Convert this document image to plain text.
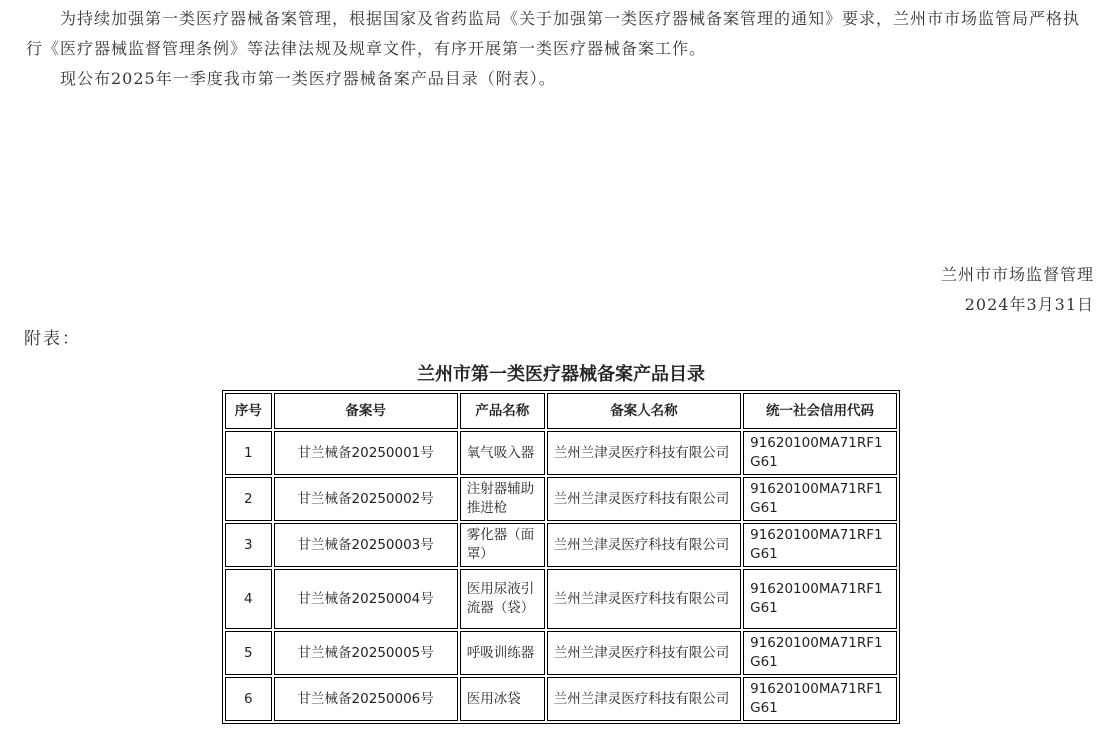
为持续加强第一类医疗器械备案管理，根据国家及省药监局《关于加强第一类医疗器械备案管理的通知》要求，兰州市市场监管局严格执行《医疗器械监督管理条例》等法律法规及规章文件，有序开展第一类医疗器械备案工作。

现公布2025年一季度我市第一类医疗器械备案产品目录（附表）。

兰州市市场监督管理
2024年3月31日
附表：
兰州市第一类医疗器械备案产品目录
序号	备案号	产品名称	备案人名称	统一社会信用代码
1	甘兰械备20250001号	氧气吸入器	兰州兰津灵医疗科技有限公司	91620100MA71RF1G61
2	甘兰械备20250002号	注射器辅助推进枪	兰州兰津灵医疗科技有限公司	91620100MA71RF1G61
3	甘兰械备20250003号	雾化器（面罩）	兰州兰津灵医疗科技有限公司	91620100MA71RF1G61
4	甘兰械备20250004号	医用尿液引流器（袋）	兰州兰津灵医疗科技有限公司	91620100MA71RF1G61
5	甘兰械备20250005号	呼吸训练器	兰州兰津灵医疗科技有限公司	91620100MA71RF1G61
6	甘兰械备20250006号	医用冰袋	兰州兰津灵医疗科技有限公司	91620100MA71RF1G61
